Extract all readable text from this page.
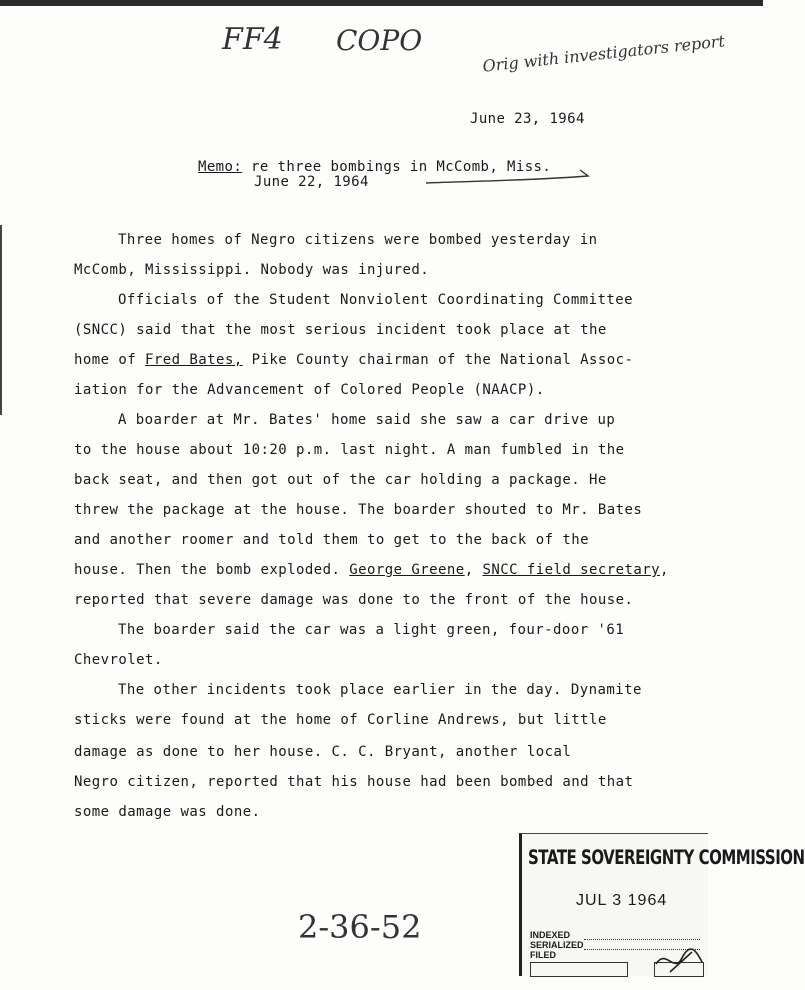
FF4 COPO	Orig with investigators report
June 23, 1964
Memo: re three bombings in McComb, Miss.
June 22, 1964
Three homes of Negro citizens were bombed yesterday in
McComb, Mississippi. Nobody was injured.
Officials of the Student Nonviolent Coordinating Committee
(SNCC) said that the most serious incident took place at the
home of Fred Bates, Pike County chairman of the National Assoc-
iation for the Advancement of Colored People (NAACP).
A boarder at Mr. Bates' home said she saw a car drive up
to the house about 10:20 p.m. last night. A man fumbled in the
back seat, and then got out of the car holding a package. He
threw the package at the house. The boarder shouted to Mr. Bates
and another roomer and told them to get to the back of the
house. Then the bomb exploded. George Greene, SNCC field secretary,
reported that severe damage was done to the front of the house.
The boarder said the car was a light green, four-door '61
Chevrolet.
The other incidents took place earlier in the day. Dynamite
sticks were found at the home of Corline Andrews, but little
damage as done to her house. C. C. Bryant, another local
Negro citizen, reported that his house had been bombed and that
some damage was done.
2-36-52
STATE SOVEREIGNTY COMMISSION
JUL 3 1964
INDEXED
SERIALIZED
FILED
